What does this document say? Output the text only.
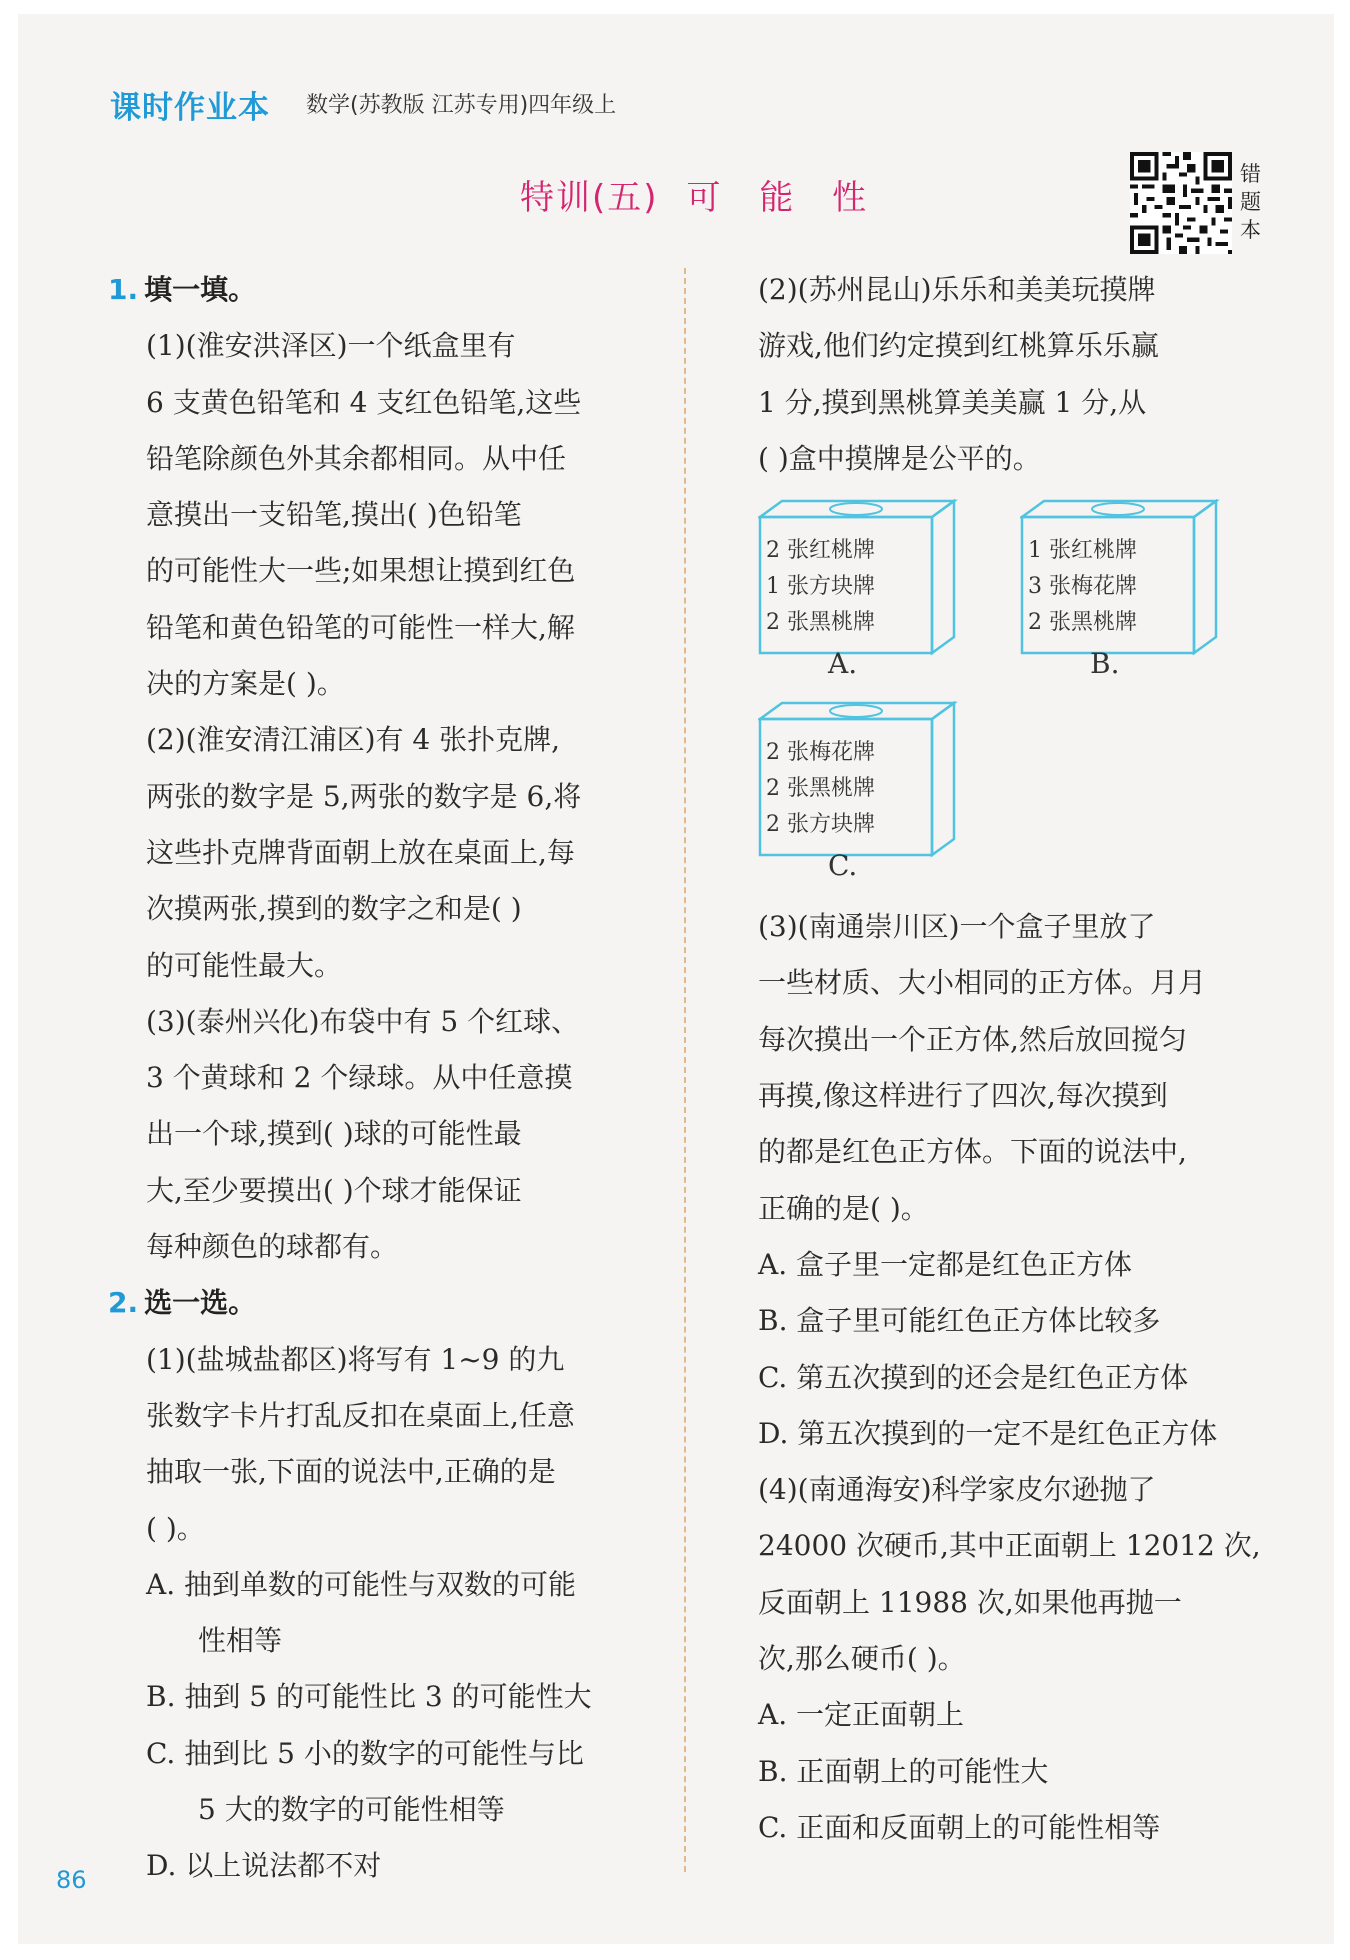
课时作业本 数学(苏教版 江苏专用)四年级上
特训(五) 可 能 性
错题本
1. 填一填。
(1)(淮安洪泽区)一个纸盒里有
6 支黄色铅笔和 4 支红色铅笔,这些
铅笔除颜色外其余都相同。从中任
意摸出一支铅笔,摸出( )色铅笔
的可能性大一些;如果想让摸到红色
铅笔和黄色铅笔的可能性一样大,解
决的方案是( )。
(2)(淮安清江浦区)有 4 张扑克牌,
两张的数字是 5,两张的数字是 6,将
这些扑克牌背面朝上放在桌面上,每
次摸两张,摸到的数字之和是( )
的可能性最大。
(3)(泰州兴化)布袋中有 5 个红球、
3 个黄球和 2 个绿球。从中任意摸
出一个球,摸到( )球的可能性最
大,至少要摸出( )个球才能保证
每种颜色的球都有。
2. 选一选。
(1)(盐城盐都区)将写有 1~9 的九
张数字卡片打乱反扣在桌面上,任意
抽取一张,下面的说法中,正确的是
( )。
A. 抽到单数的可能性与双数的可能
性相等
B. 抽到 5 的可能性比 3 的可能性大
C. 抽到比 5 小的数字的可能性与比
5 大的数字的可能性相等
D. 以上说法都不对
(2)(苏州昆山)乐乐和美美玩摸牌
游戏,他们约定摸到红桃算乐乐赢
1 分,摸到黑桃算美美赢 1 分,从
( )盒中摸牌是公平的。
2 张红桃牌
1 张方块牌
2 张黑桃牌
A.
1 张红桃牌
3 张梅花牌
2 张黑桃牌
B.
2 张梅花牌
2 张黑桃牌
2 张方块牌
C.
(3)(南通崇川区)一个盒子里放了
一些材质、大小相同的正方体。月月
每次摸出一个正方体,然后放回搅匀
再摸,像这样进行了四次,每次摸到
的都是红色正方体。下面的说法中,
正确的是( )。
A. 盒子里一定都是红色正方体
B. 盒子里可能红色正方体比较多
C. 第五次摸到的还会是红色正方体
D. 第五次摸到的一定不是红色正方体
(4)(南通海安)科学家皮尔逊抛了
24000 次硬币,其中正面朝上 12012 次,
反面朝上 11988 次,如果他再抛一
次,那么硬币( )。
A. 一定正面朝上
B. 正面朝上的可能性大
C. 正面和反面朝上的可能性相等
86
